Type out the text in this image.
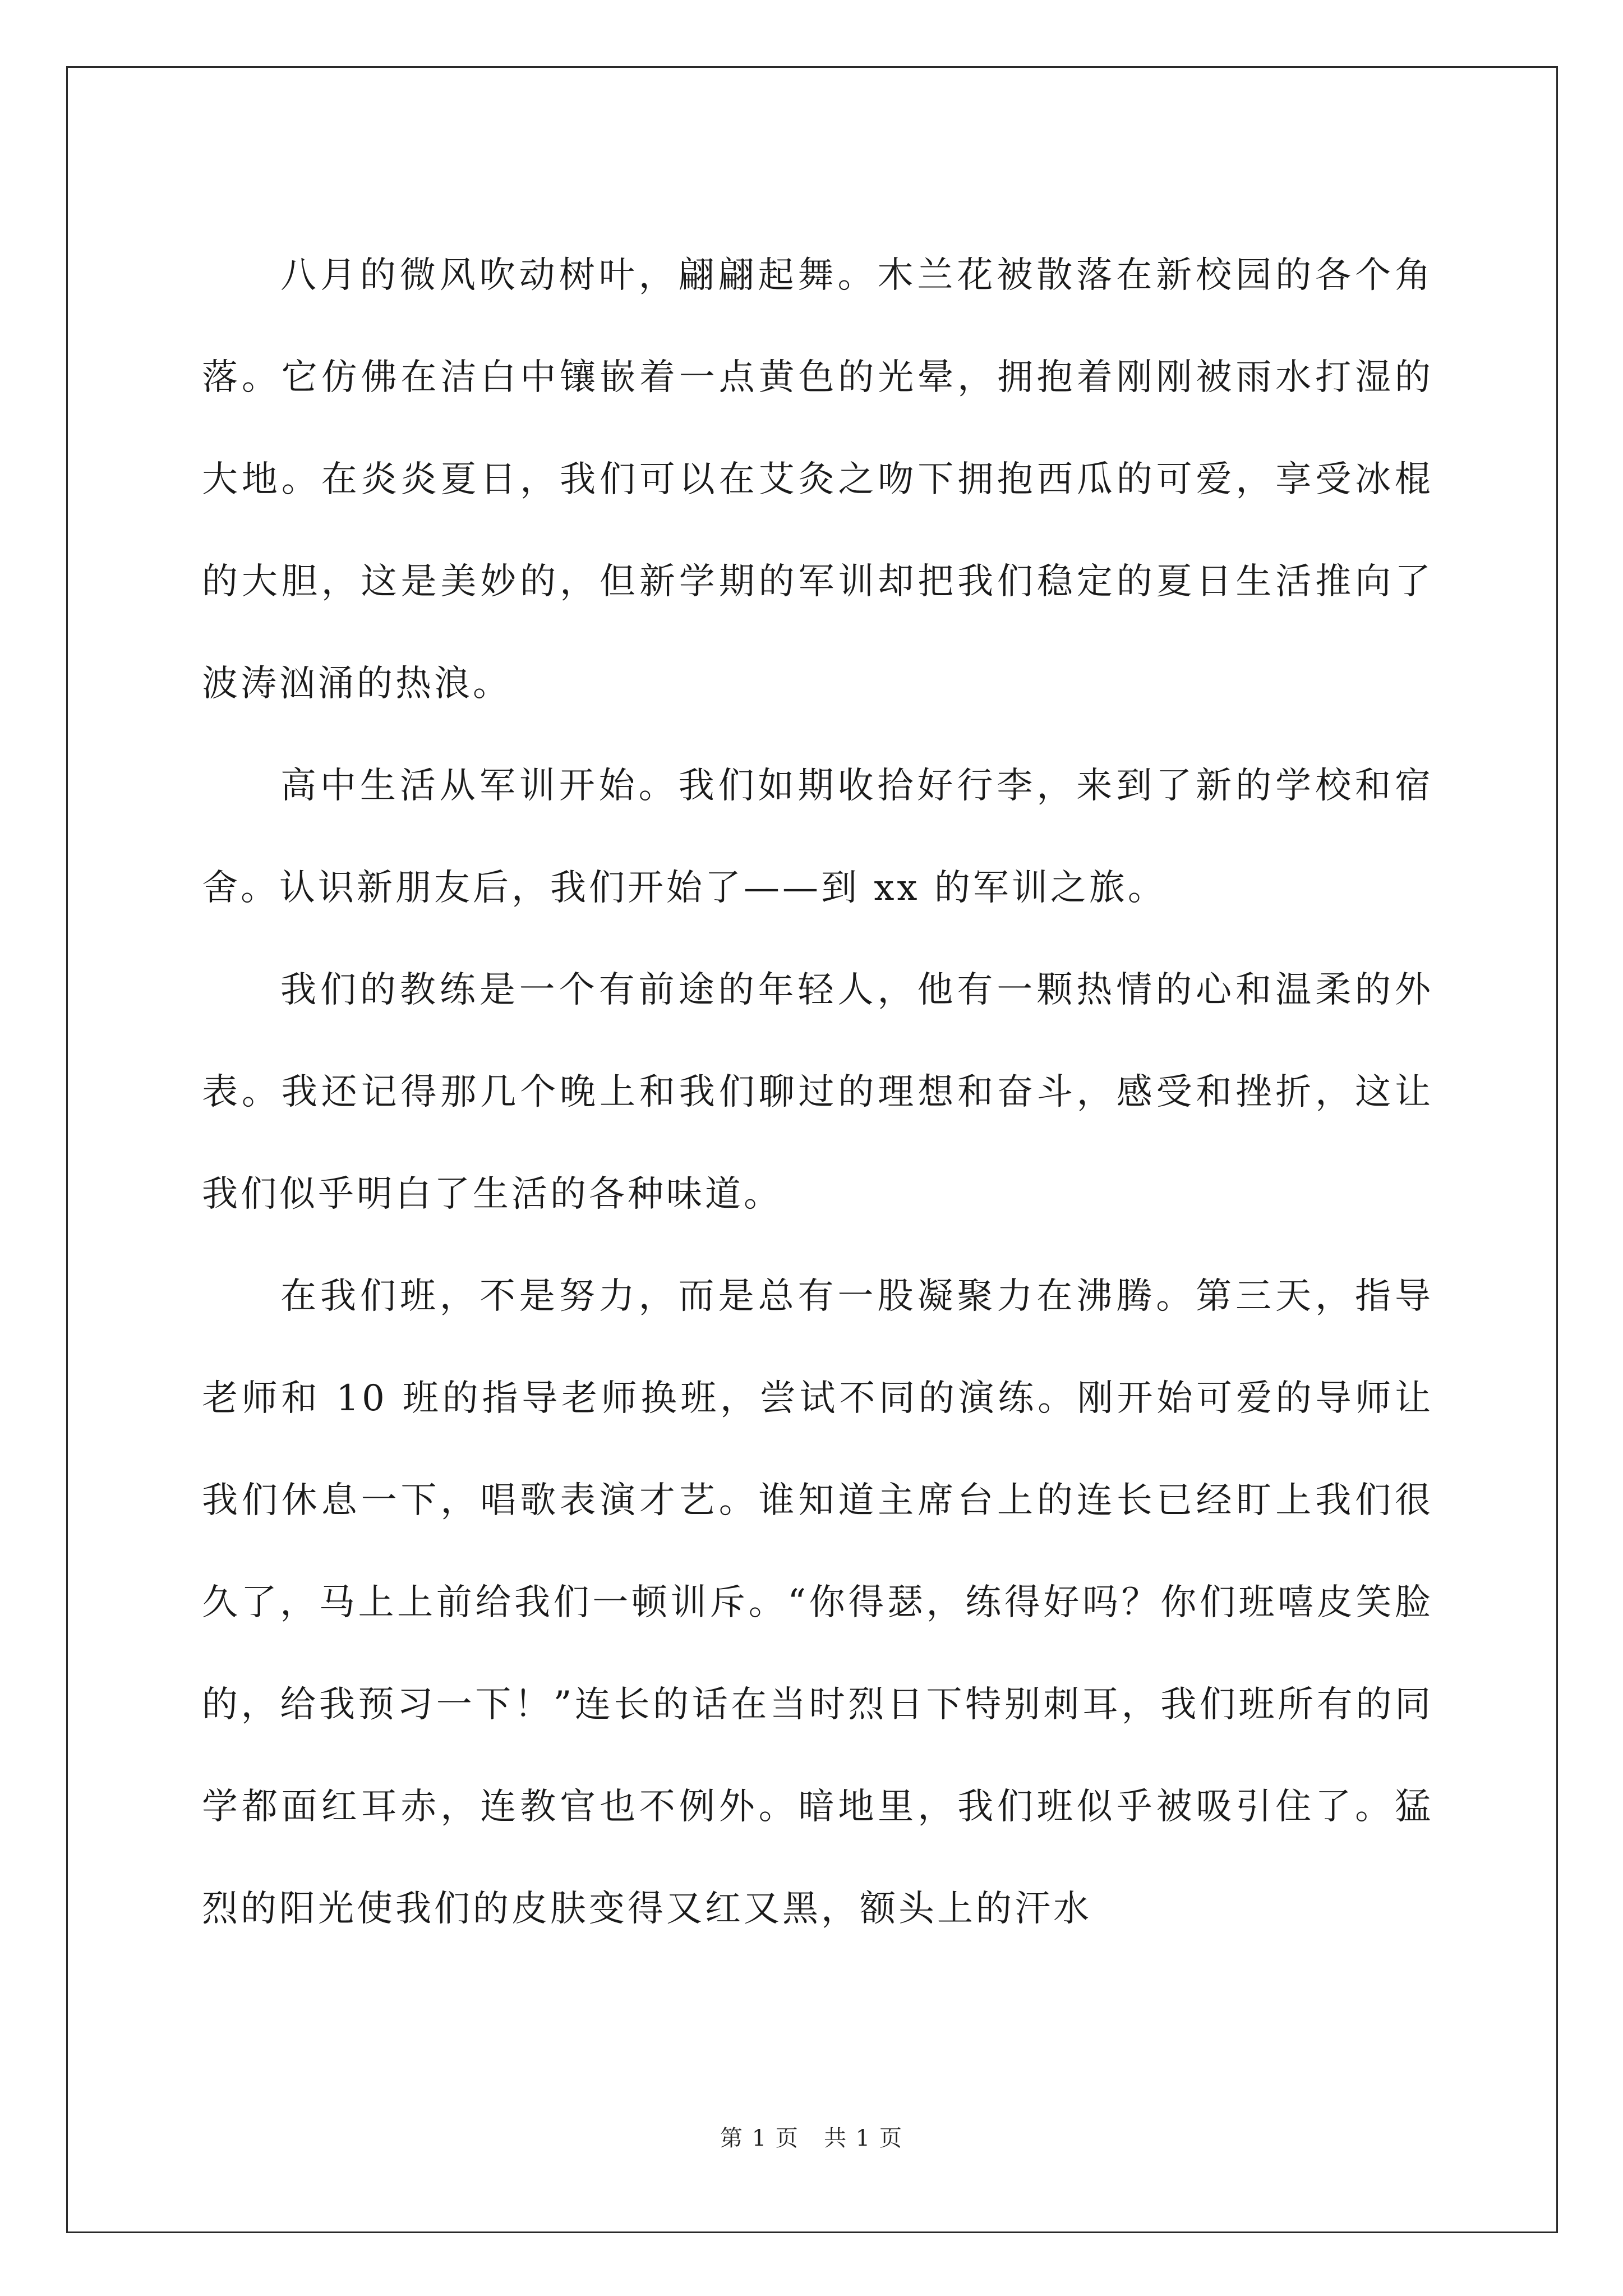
八月的微风吹动树叶，翩翩起舞。木兰花被散落在新校园的各个角落。它仿佛在洁白中镶嵌着一点黄色的光晕，拥抱着刚刚被雨水打湿的大地。在炎炎夏日，我们可以在艾灸之吻下拥抱西瓜的可爱，享受冰棍的大胆，这是美妙的，但新学期的军训却把我们稳定的夏日生活推向了波涛汹涌的热浪。

高中生活从军训开始。我们如期收拾好行李，来到了新的学校和宿舍。认识新朋友后，我们开始了——到 xx 的军训之旅。

我们的教练是一个有前途的年轻人，他有一颗热情的心和温柔的外表。我还记得那几个晚上和我们聊过的理想和奋斗，感受和挫折，这让我们似乎明白了生活的各种味道。

在我们班，不是努力，而是总有一股凝聚力在沸腾。第三天，指导老师和 10 班的指导老师换班，尝试不同的演练。刚开始可爱的导师让我们休息一下，唱歌表演才艺。谁知道主席台上的连长已经盯上我们很久了，马上上前给我们一顿训斥。“你得瑟，练得好吗？你们班嘻皮笑脸的，给我预习一下！”连长的话在当时烈日下特别刺耳，我们班所有的同学都面红耳赤，连教官也不例外。暗地里，我们班似乎被吸引住了。猛烈的阳光使我们的皮肤变得又红又黑，额头上的汗水

第 1 页 共 1 页
